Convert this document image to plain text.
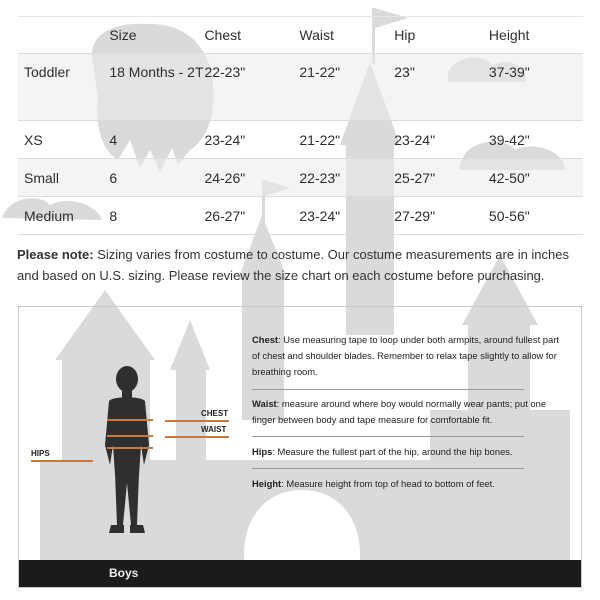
	Size	Chest	Waist	Hip	Height
Toddler	18 Months - 2T	22-23"	21-22"	23"	37-39"
XS	4	23-24"	21-22"	23-24"	39-42"
Small	6	24-26"	22-23"	25-27"	42-50"
Medium	8	26-27"	23-24"	27-29"	50-56"
Please note: Sizing varies from costume to costume. Our costume measurements are in inches and based on U.S. sizing. Please review the size chart on each costume before purchasing.
CHEST
WAIST
HIPS
Chest: Use measuring tape to loop under both armpits, around fullest part of chest and shoulder blades. Remember to relax tape slightly to allow for breathing room.
Waist: measure around where boy would normally wear pants; put one finger between body and tape measure for comfortable fit.
Hips: Measure the fullest part of the hip, around the hip bones.
Height: Measure height from top of head to bottom of feet.
Boys
